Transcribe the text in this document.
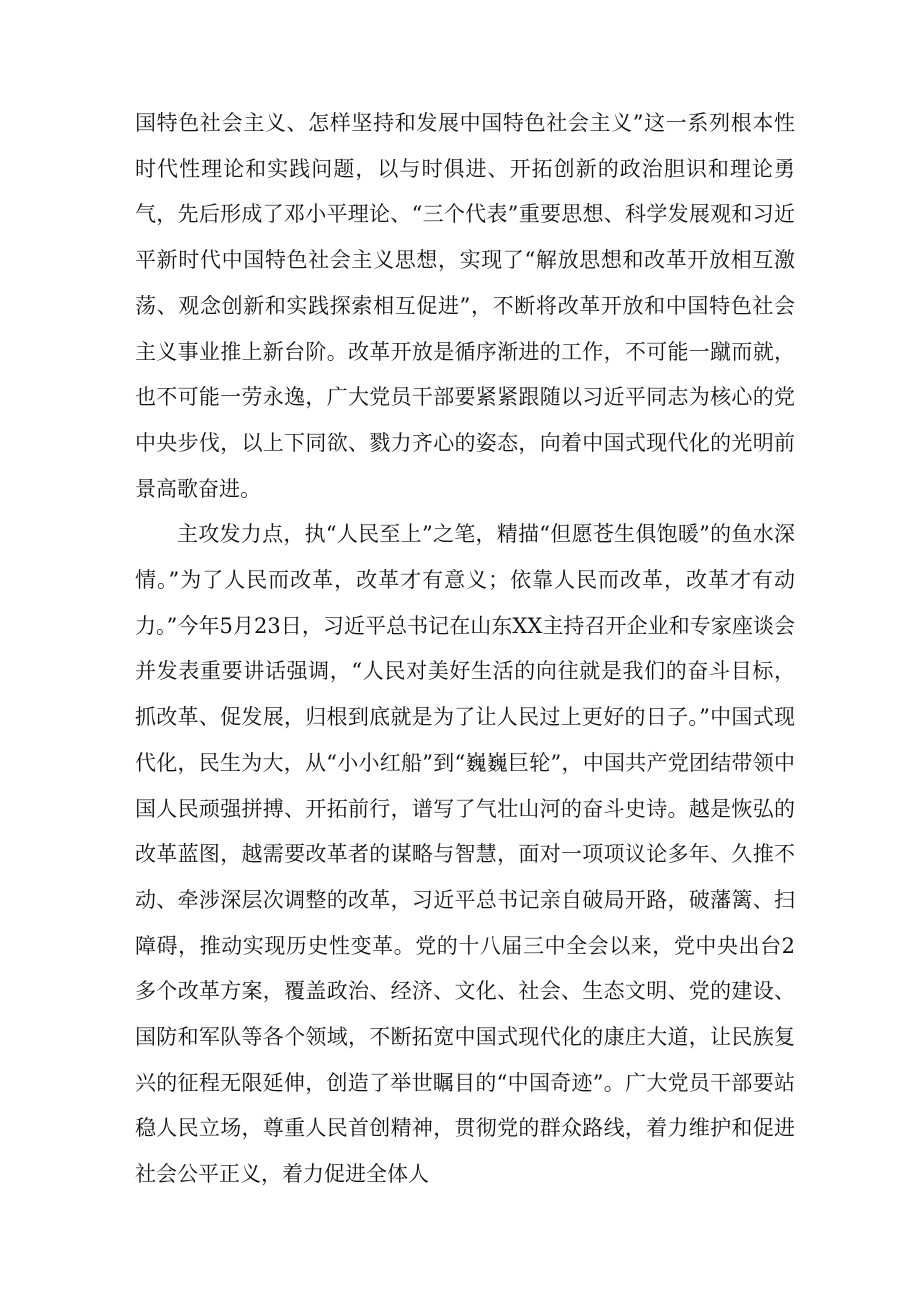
国特色社会主义、怎样坚持和发展中国特色社会主义”这一系列根本性时代性理论和实践问题，以与时俱进、开拓创新的政治胆识和理论勇气，先后形成了邓小平理论、“三个代表”重要思想、科学发展观和习近平新时代中国特色社会主义思想，实现了“解放思想和改革开放相互激荡、观念创新和实践探索相互促进”，不断将改革开放和中国特色社会主义事业推上新台阶。改革开放是循序渐进的工作，不可能一蹴而就，也不可能一劳永逸，广大党员干部要紧紧跟随以习近平同志为核心的党中央步伐，以上下同欲、戮力齐心的姿态，向着中国式现代化的光明前景高歌奋进。

主攻发力点，执“人民至上”之笔，精描“但愿苍生俱饱暖”的鱼水深情。”为了人民而改革，改革才有意义；依靠人民而改革，改革才有动力。”今年5月23日，习近平总书记在山东XX主持召开企业和专家座谈会并发表重要讲话强调，“人民对美好生活的向往就是我们的奋斗目标，抓改革、促发展，归根到底就是为了让人民过上更好的日子。”中国式现代化，民生为大，从“小小红船”到“巍巍巨轮”，中国共产党团结带领中国人民顽强拼搏、开拓前行，谱写了气壮山河的奋斗史诗。越是恢弘的改革蓝图，越需要改革者的谋略与智慧，面对一项项议论多年、久推不动、牵涉深层次调整的改革，习近平总书记亲自破局开路，破藩篱、扫障碍，推动实现历史性变革。党的十八届三中全会以来，党中央出台2多个改革方案，覆盖政治、经济、文化、社会、生态文明、党的建设、国防和军队等各个领域，不断拓宽中国式现代化的康庄大道，让民族复兴的征程无限延伸，创造了举世瞩目的“中国奇迹”。广大党员干部要站稳人民立场，尊重人民首创精神，贯彻党的群众路线，着力维护和促进社会公平正义，着力促进全体人
